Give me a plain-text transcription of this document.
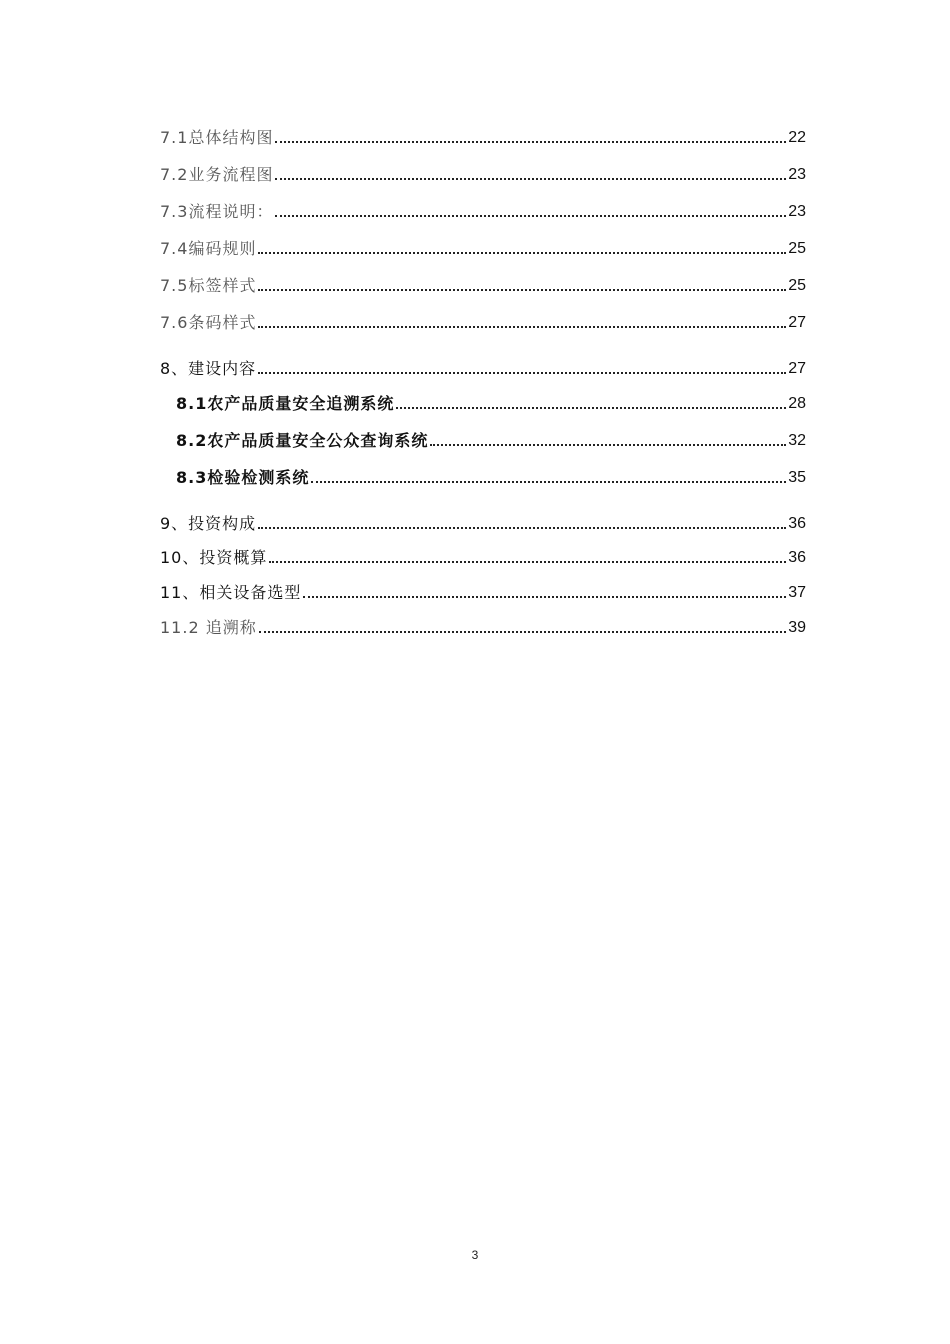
7.1总体结构图	22
7.2业务流程图	23
7.3流程说明：	23
7.4编码规则	25
7.5标签样式	25
7.6条码样式	27
8、建设内容	27
8.1农产品质量安全追溯系统	28
8.2农产品质量安全公众查询系统	32
8.3检验检测系统	35
9、投资构成	36
10、投资概算	36
11、相关设备选型	37
11.2 追溯称	39
3
